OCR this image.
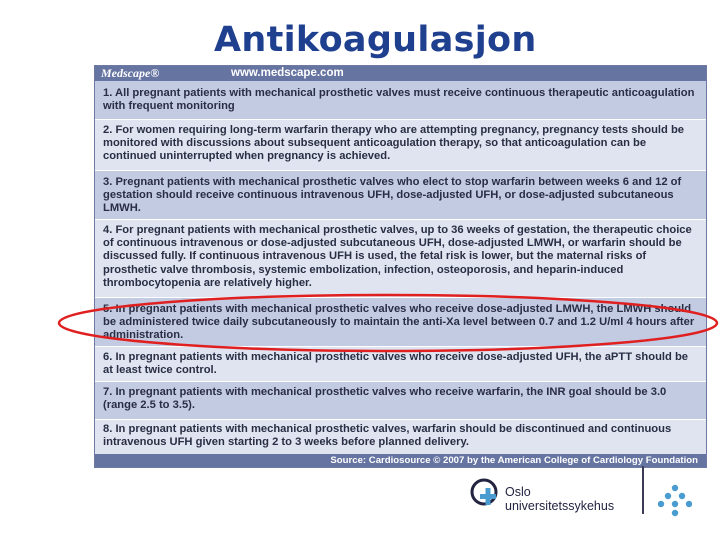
Antikoagulasjon
Medscape®	www.medscape.com
1. All pregnant patients with mechanical prosthetic valves must receive continuous therapeutic anticoagulation with frequent monitoring
2. For women requiring long-term warfarin therapy who are attempting pregnancy, pregnancy tests should be monitored with discussions about subsequent anticoagulation therapy, so that anticoagulation can be continued uninterrupted when pregnancy is achieved.
3. Pregnant patients with mechanical prosthetic valves who elect to stop warfarin between weeks 6 and 12 of gestation should receive continuous intravenous UFH, dose-adjusted UFH, or dose-adjusted subcutaneous LMWH.
4. For pregnant patients with mechanical prosthetic valves, up to 36 weeks of gestation, the therapeutic choice of continuous intravenous or dose-adjusted subcutaneous UFH, dose-adjusted LMWH, or warfarin should be discussed fully. If continuous intravenous UFH is used, the fetal risk is lower, but the maternal risks of prosthetic valve thrombosis, systemic embolization, infection, osteoporosis, and heparin-induced thrombocytopenia are relatively higher.
5. In pregnant patients with mechanical prosthetic valves who receive dose-adjusted LMWH, the LMWH should be administered twice daily subcutaneously to maintain the anti-Xa level between 0.7 and 1.2 U/ml 4 hours after administration.
6. In pregnant patients with mechanical prosthetic valves who receive dose-adjusted UFH, the aPTT should be at least twice control.
7. In pregnant patients with mechanical prosthetic valves who receive warfarin, the INR goal should be 3.0 (range 2.5 to 3.5).
8. In pregnant patients with mechanical prosthetic valves, warfarin should be discontinued and continuous intravenous UFH given starting 2 to 3 weeks before planned delivery.
Source: Cardiosource © 2007 by the American College of Cardiology Foundation
Oslo
universitetssykehus
